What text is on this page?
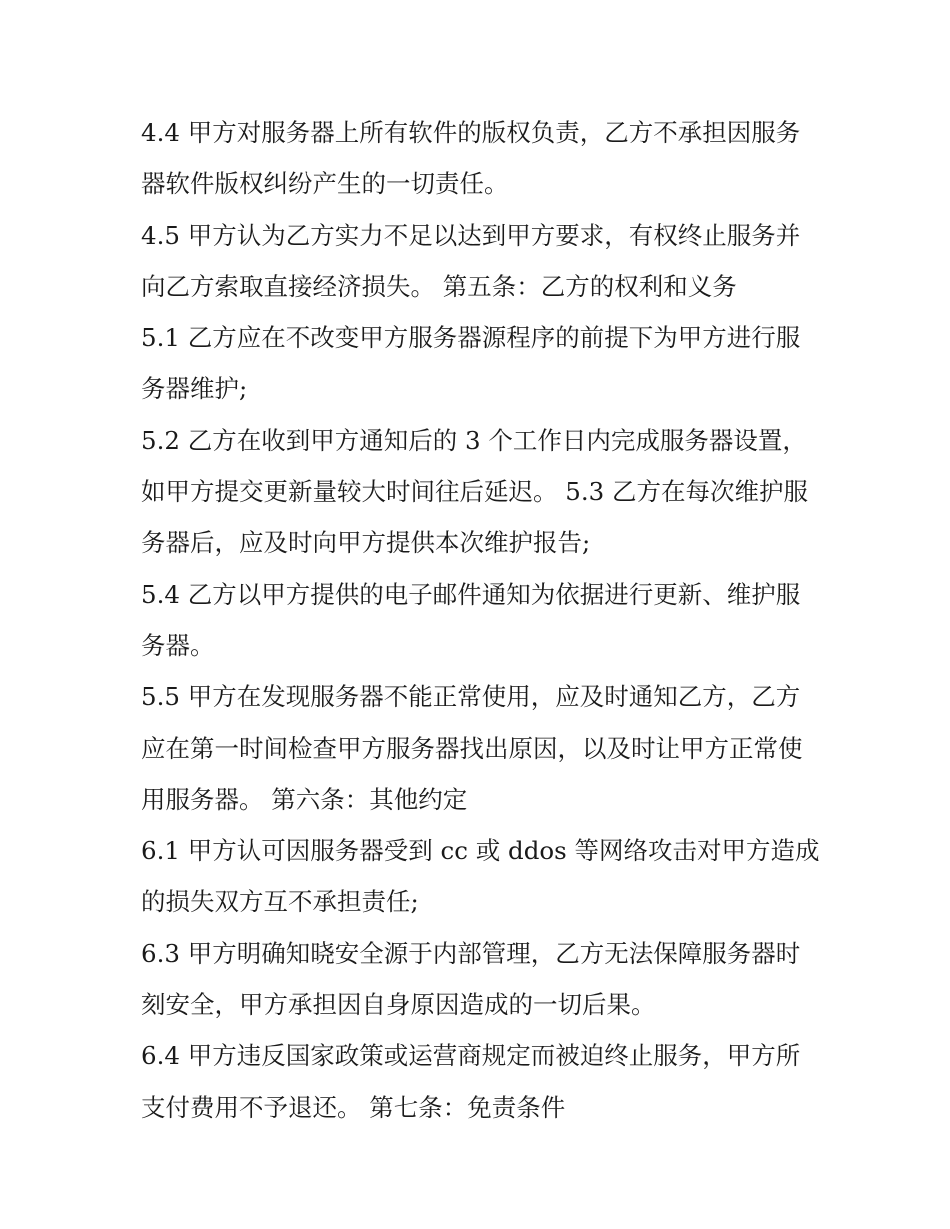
4.4 甲方对服务器上所有软件的版权负责，乙方不承担因服务器软件版权纠纷产生的一切责任。

4.5 甲方认为乙方实力不足以达到甲方要求，有权终止服务并向乙方索取直接经济损失。 第五条：乙方的权利和义务

5.1 乙方应在不改变甲方服务器源程序的前提下为甲方进行服务器维护;

5.2 乙方在收到甲方通知后的 3 个工作日内完成服务器设置，如甲方提交更新量较大时间往后延迟。 5.3 乙方在每次维护服务器后，应及时向甲方提供本次维护报告;

5.4 乙方以甲方提供的电子邮件通知为依据进行更新、维护服务器。

5.5 甲方在发现服务器不能正常使用，应及时通知乙方，乙方应在第一时间检查甲方服务器找出原因，以及时让甲方正常使用服务器。 第六条：其他约定

6.1 甲方认可因服务器受到 cc 或 ddos 等网络攻击对甲方造成的损失双方互不承担责任;

6.3 甲方明确知晓安全源于内部管理，乙方无法保障服务器时刻安全，甲方承担因自身原因造成的一切后果。

6.4 甲方违反国家政策或运营商规定而被迫终止服务，甲方所支付费用不予退还。 第七条：免责条件
